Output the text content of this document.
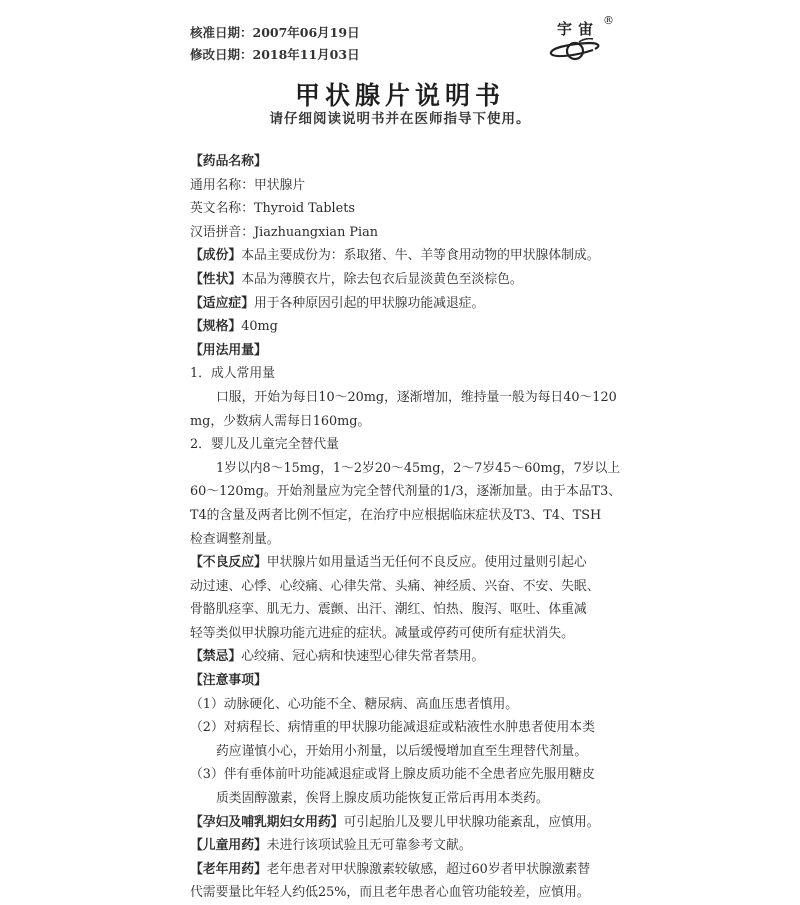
核准日期：2007年06月19日
修改日期：2018年11月03日
宇宙 ®
甲状腺片说明书
请仔细阅读说明书并在医师指导下使用。
【药品名称】
通用名称：甲状腺片
英文名称：Thyroid Tablets
汉语拼音：Jiazhuangxian Pian
【成份】本品主要成份为：系取猪、牛、羊等食用动物的甲状腺体制成。
【性状】本品为薄膜衣片，除去包衣后显淡黄色至淡棕色。
【适应症】用于各种原因引起的甲状腺功能减退症。
【规格】40mg
【用法用量】
1．成人常用量
口服，开始为每日10～20mg，逐渐增加，维持量一般为每日40～120
mg，少数病人需每日160mg。
2．婴儿及儿童完全替代量
1岁以内8～15mg，1～2岁20～45mg，2～7岁45～60mg，7岁以上
60～120mg。开始剂量应为完全替代剂量的1/3，逐渐加量。由于本品T3、
T4的含量及两者比例不恒定，在治疗中应根据临床症状及T3、T4、TSH
检查调整剂量。
【不良反应】甲状腺片如用量适当无任何不良反应。使用过量则引起心
动过速、心悸、心绞痛、心律失常、头痛、神经质、兴奋、不安、失眠、
骨骼肌痉挛、肌无力、震颤、出汗、潮红、怕热、腹泻、呕吐、体重减
轻等类似甲状腺功能亢进症的症状。减量或停药可使所有症状消失。
【禁忌】心绞痛、冠心病和快速型心律失常者禁用。
【注意事项】
（1）动脉硬化、心功能不全、糖尿病、高血压患者慎用。
（2）对病程长、病情重的甲状腺功能减退症或粘液性水肿患者使用本类
药应谨慎小心，开始用小剂量，以后缓慢增加直至生理替代剂量。
（3）伴有垂体前叶功能减退症或肾上腺皮质功能不全患者应先服用糖皮
质类固醇激素，俟肾上腺皮质功能恢复正常后再用本类药。
【孕妇及哺乳期妇女用药】可引起胎儿及婴儿甲状腺功能紊乱，应慎用。
【儿童用药】未进行该项试验且无可靠参考文献。
【老年用药】老年患者对甲状腺激素较敏感，超过60岁者甲状腺激素替
代需要量比年轻人约低25%，而且老年患者心血管功能较差，应慎用。
